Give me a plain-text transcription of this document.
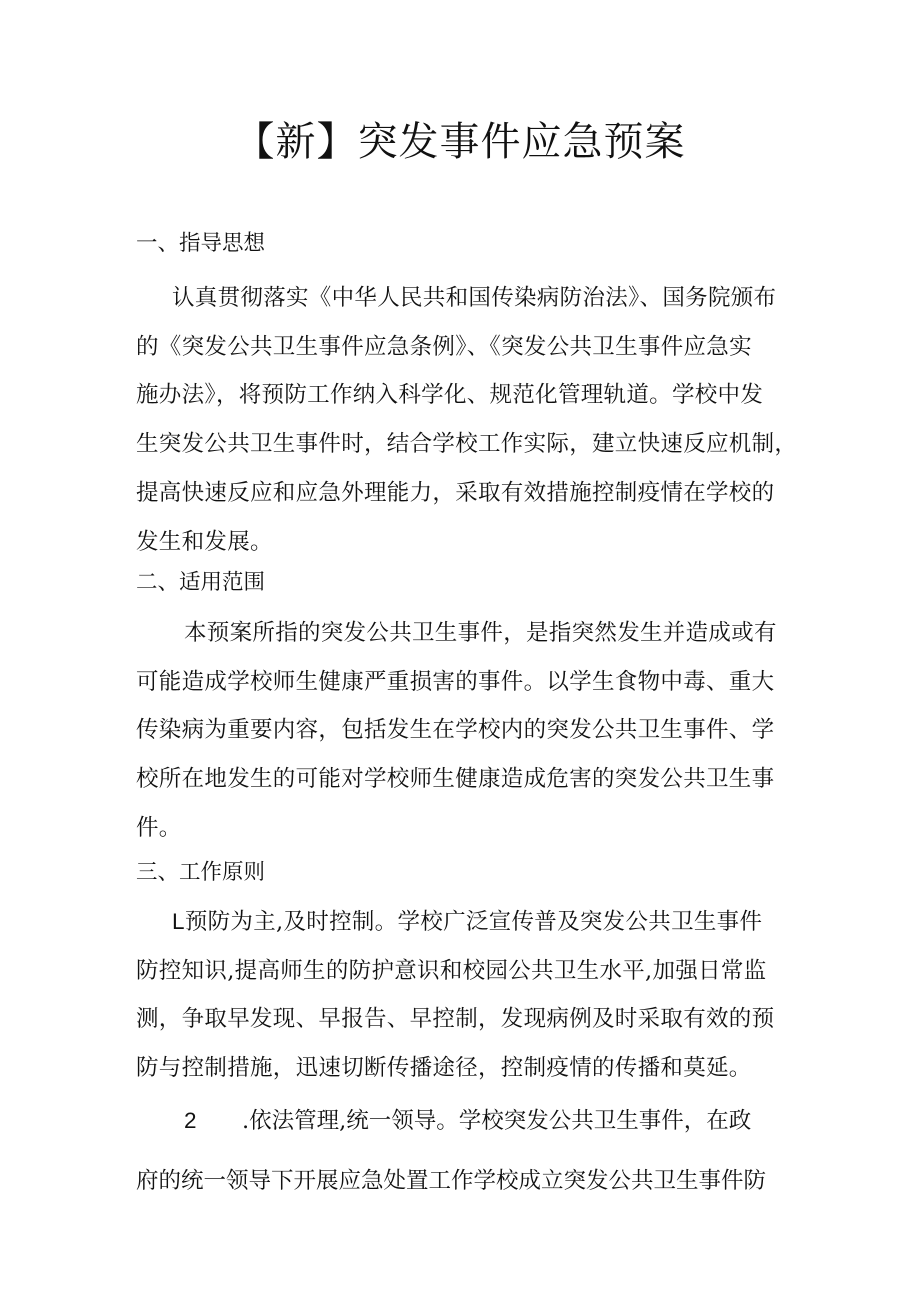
【新】突发事件应急预案
一、指导思想
认真贯彻落实《中华人民共和国传染病防治法》、国务院颁布
的《突发公共卫生事件应急条例》、《突发公共卫生事件应急实
施办法》，将预防工作纳入科学化、规范化管理轨道。学校中发
生突发公共卫生事件时，结合学校工作实际，建立快速反应机制，
提高快速反应和应急外理能力，采取有效措施控制疫情在学校的
发生和发展。
二、适用范围
本预案所指的突发公共卫生事件，是指突然发生并造成或有
可能造成学校师生健康严重损害的事件。以学生食物中毒、重大
传染病为重要内容，包括发生在学校内的突发公共卫生事件、学
校所在地发生的可能对学校师生健康造成危害的突发公共卫生事
件。
三、工作原则
L预防为主,及时控制。学校广泛宣传普及突发公共卫生事件
防控知识,提高师生的防护意识和校园公共卫生水平,加强日常监
测，争取早发现、早报告、早控制，发现病例及时采取有效的预
防与控制措施，迅速切断传播途径，控制疫情的传播和莫延。
2 .依法管理,统一领导。学校突发公共卫生事件，在政
府的统一领导下开展应急处置工作学校成立突发公共卫生事件防
